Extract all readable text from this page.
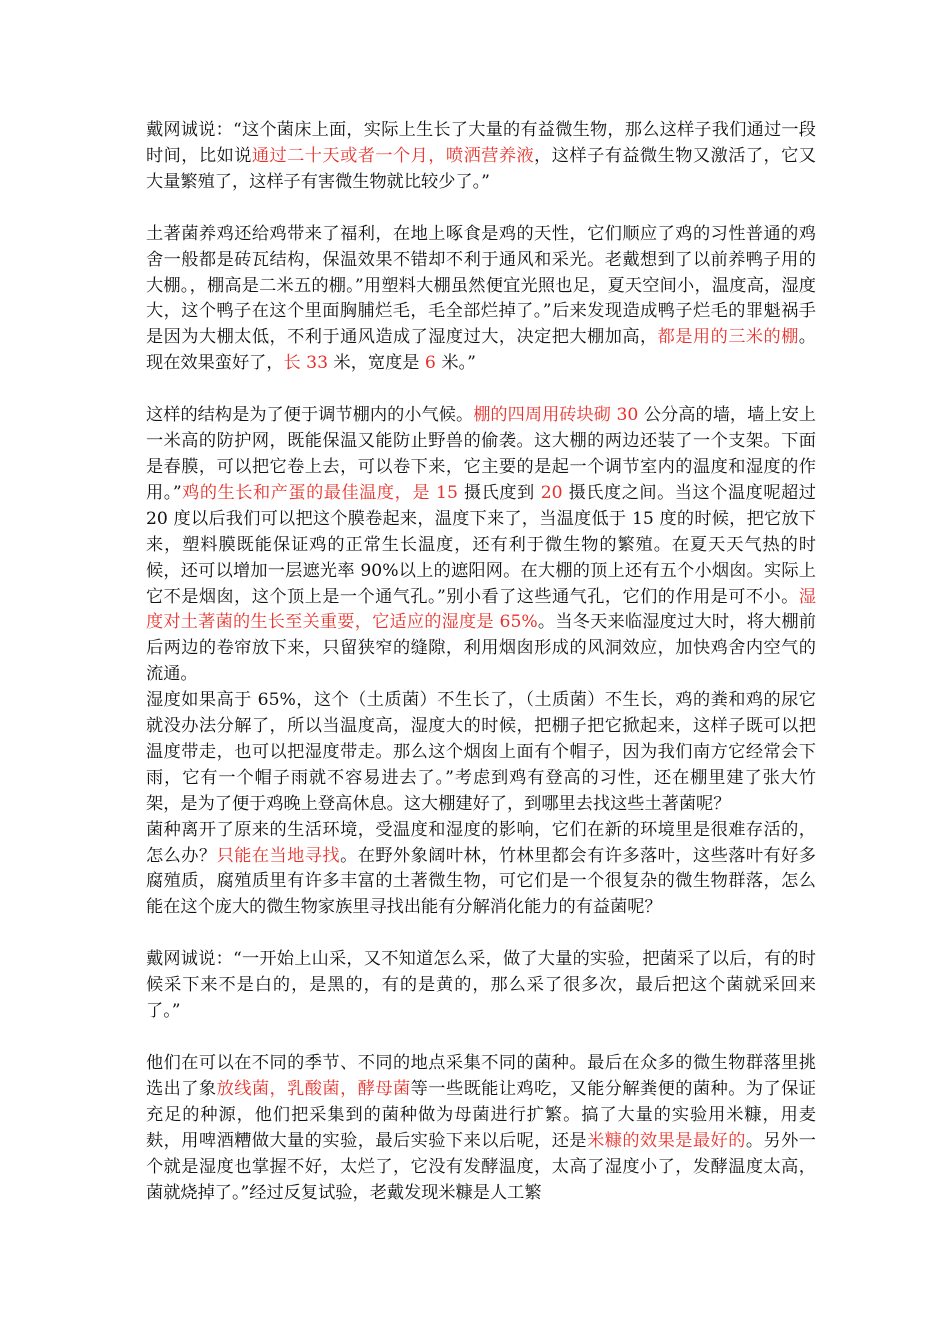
戴网诚说：“这个菌床上面，实际上生长了大量的有益微生物，那么这样子我们通过一段时间，比如说通过二十天或者一个月，喷洒营养液，这样子有益微生物又激活了，它又大量繁殖了，这样子有害微生物就比较少了。”

土著菌养鸡还给鸡带来了福利，在地上啄食是鸡的天性，它们顺应了鸡的习性普通的鸡舍一般都是砖瓦结构，保温效果不错却不利于通风和采光。老戴想到了以前养鸭子用的大棚。，棚高是二米五的棚。”用塑料大棚虽然便宜光照也足，夏天空间小，温度高，湿度大，这个鸭子在这个里面胸脯烂毛，毛全部烂掉了。”后来发现造成鸭子烂毛的罪魁祸手是因为大棚太低，不利于通风造成了湿度过大，决定把大棚加高，都是用的三米的棚。现在效果蛮好了，长 33 米，宽度是 6 米。”

这样的结构是为了便于调节棚内的小气候。棚的四周用砖块砌 30 公分高的墙，墙上安上一米高的防护网，既能保温又能防止野兽的偷袭。这大棚的两边还装了一个支架。下面是春膜，可以把它卷上去，可以卷下来，它主要的是起一个调节室内的温度和湿度的作用。”鸡的生长和产蛋的最佳温度，是 15 摄氏度到 20 摄氏度之间。当这个温度呢超过 20 度以后我们可以把这个膜卷起来，温度下来了，当温度低于 15 度的时候，把它放下来，塑料膜既能保证鸡的正常生长温度，还有利于微生物的繁殖。在夏天天气热的时候，还可以增加一层遮光率 90%以上的遮阳网。在大棚的顶上还有五个小烟囱。实际上它不是烟囱，这个顶上是一个通气孔。”别小看了这些通气孔，它们的作用是可不小。湿度对土著菌的生长至关重要，它适应的湿度是 65%。当冬天来临湿度过大时，将大棚前后两边的卷帘放下来，只留狭窄的缝隙，利用烟囱形成的风洞效应，加快鸡舍内空气的流通。

湿度如果高于 65%，这个（土质菌）不生长了，（土质菌）不生长，鸡的粪和鸡的尿它就没办法分解了，所以当温度高，湿度大的时候，把棚子把它掀起来，这样子既可以把温度带走，也可以把湿度带走。那么这个烟囱上面有个帽子，因为我们南方它经常会下雨，它有一个帽子雨就不容易进去了。”考虑到鸡有登高的习性，还在棚里建了张大竹架，是为了便于鸡晚上登高休息。这大棚建好了，到哪里去找这些土著菌呢？

菌种离开了原来的生活环境，受温度和湿度的影响，它们在新的环境里是很难存活的，怎么办？只能在当地寻找。在野外象阔叶林，竹林里都会有许多落叶，这些落叶有好多腐殖质，腐殖质里有许多丰富的土著微生物，可它们是一个很复杂的微生物群落，怎么能在这个庞大的微生物家族里寻找出能有分解消化能力的有益菌呢？

戴网诚说：“一开始上山采，又不知道怎么采，做了大量的实验，把菌采了以后，有的时候采下来不是白的，是黑的，有的是黄的，那么采了很多次，最后把这个菌就采回来了。”

他们在可以在不同的季节、不同的地点采集不同的菌种。最后在众多的微生物群落里挑选出了象放线菌，乳酸菌，酵母菌等一些既能让鸡吃，又能分解粪便的菌种。为了保证充足的种源，他们把采集到的菌种做为母菌进行扩繁。搞了大量的实验用米糠，用麦麸，用啤酒糟做大量的实验，最后实验下来以后呢，还是米糠的效果是最好的。另外一个就是湿度也掌握不好，太烂了，它没有发酵温度，太高了湿度小了，发酵温度太高，菌就烧掉了。”经过反复试验，老戴发现米糠是人工繁
